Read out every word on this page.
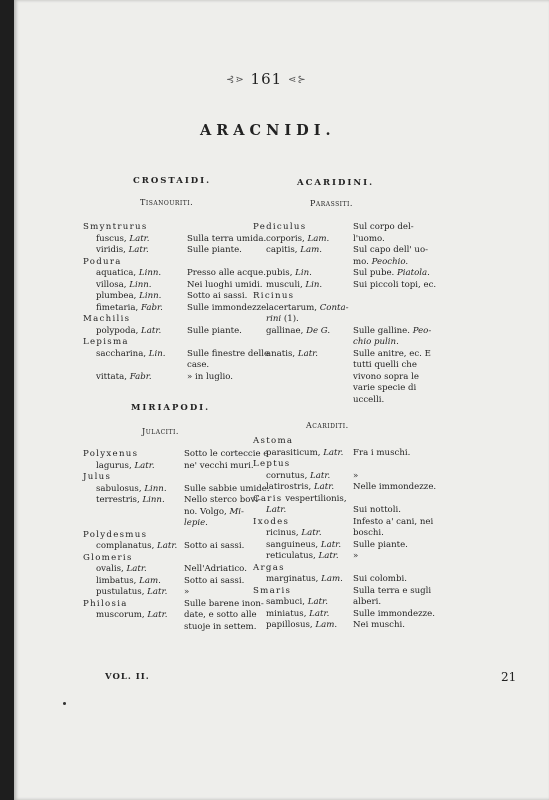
⊰⋗ 161 ⋖⊱
ARACNIDI.
CROSTAIDI.
Tisanouriti.
Smyntrurus
fuscus, Latr.	Sulla terra umida.
viridis, Latr.	Sulle piante.
Podura
aquatica, Linn.	Presso alle acque.
villosa, Linn.	Nei luoghi umidi.
plumbea, Linn.	Sotto ai sassi.
fimetaria, Fabr.	Sulle immondezze.
Machilis
polypoda, Latr.	Sulle piante.
Lepisma
saccharina, Lin. Sulle finestre delle
case.
vittata, Fabr.	» in luglio.
MIRIAPODI.
Julaciti.
Polyxenus	Sotto le corteccie e
lagurus, Latr.	ne' vecchi muri.
Julus
sabulosus, Linn. Sulle sabbie umide.
terrestris, Linn. Nello sterco bovi-
no. Volgo, Mi-
lepie.
Polydesmus
complanatus, Latr. Sotto ai sassi.
Glomeris
ovalis, Latr.	Nell'Adriatico.
limbatus, Lam.	Sotto ai sassi.
pustulatus, Latr. »
Philosia	Sulle barene inon-
muscorum, Latr. date, e sotto alle
stuoje in settem.
ACARIDINI.
Parassiti.
Pediculus	Sul corpo del-
corporis, Lam.	l'uomo.
capitis, Lam.	Sul capo dell' uo-
mo. Peochio.
pubis, Lin.	Sul pube. Piatola.
musculi, Lin.	Sui piccoli topi, ec.
Ricinus
lacertarum, Conta-
rini (1).
gallinae, De G.	Sulle galline. Peo-
chio pulin.
anatis, Latr.	Sulle anitre, ec. E
tutti quelli che
vivono sopra le
varie specie di
uccelli.
Acariditi.
Astoma
parasiticum, Latr. Fra i muschi.
Leptus
cornutus, Latr.	»
latirostris, Latr. Nelle immondezze.
Caris vespertilionis,
Latr.	Sui nottoli.
Ixodes	Infesto a' cani, nei
ricinus, Latr.	boschi.
sanguineus, Latr. Sulle piante.
reticulatus, Latr. »
Argas
marginatus, Lam. Sui colombi.
Smaris	Sulla terra e sugli
sambuci, Latr.	alberi.
miniatus, Latr.	Sulle immondezze.
papillosus, Lam. Nei muschi.
VOL. II.	21
